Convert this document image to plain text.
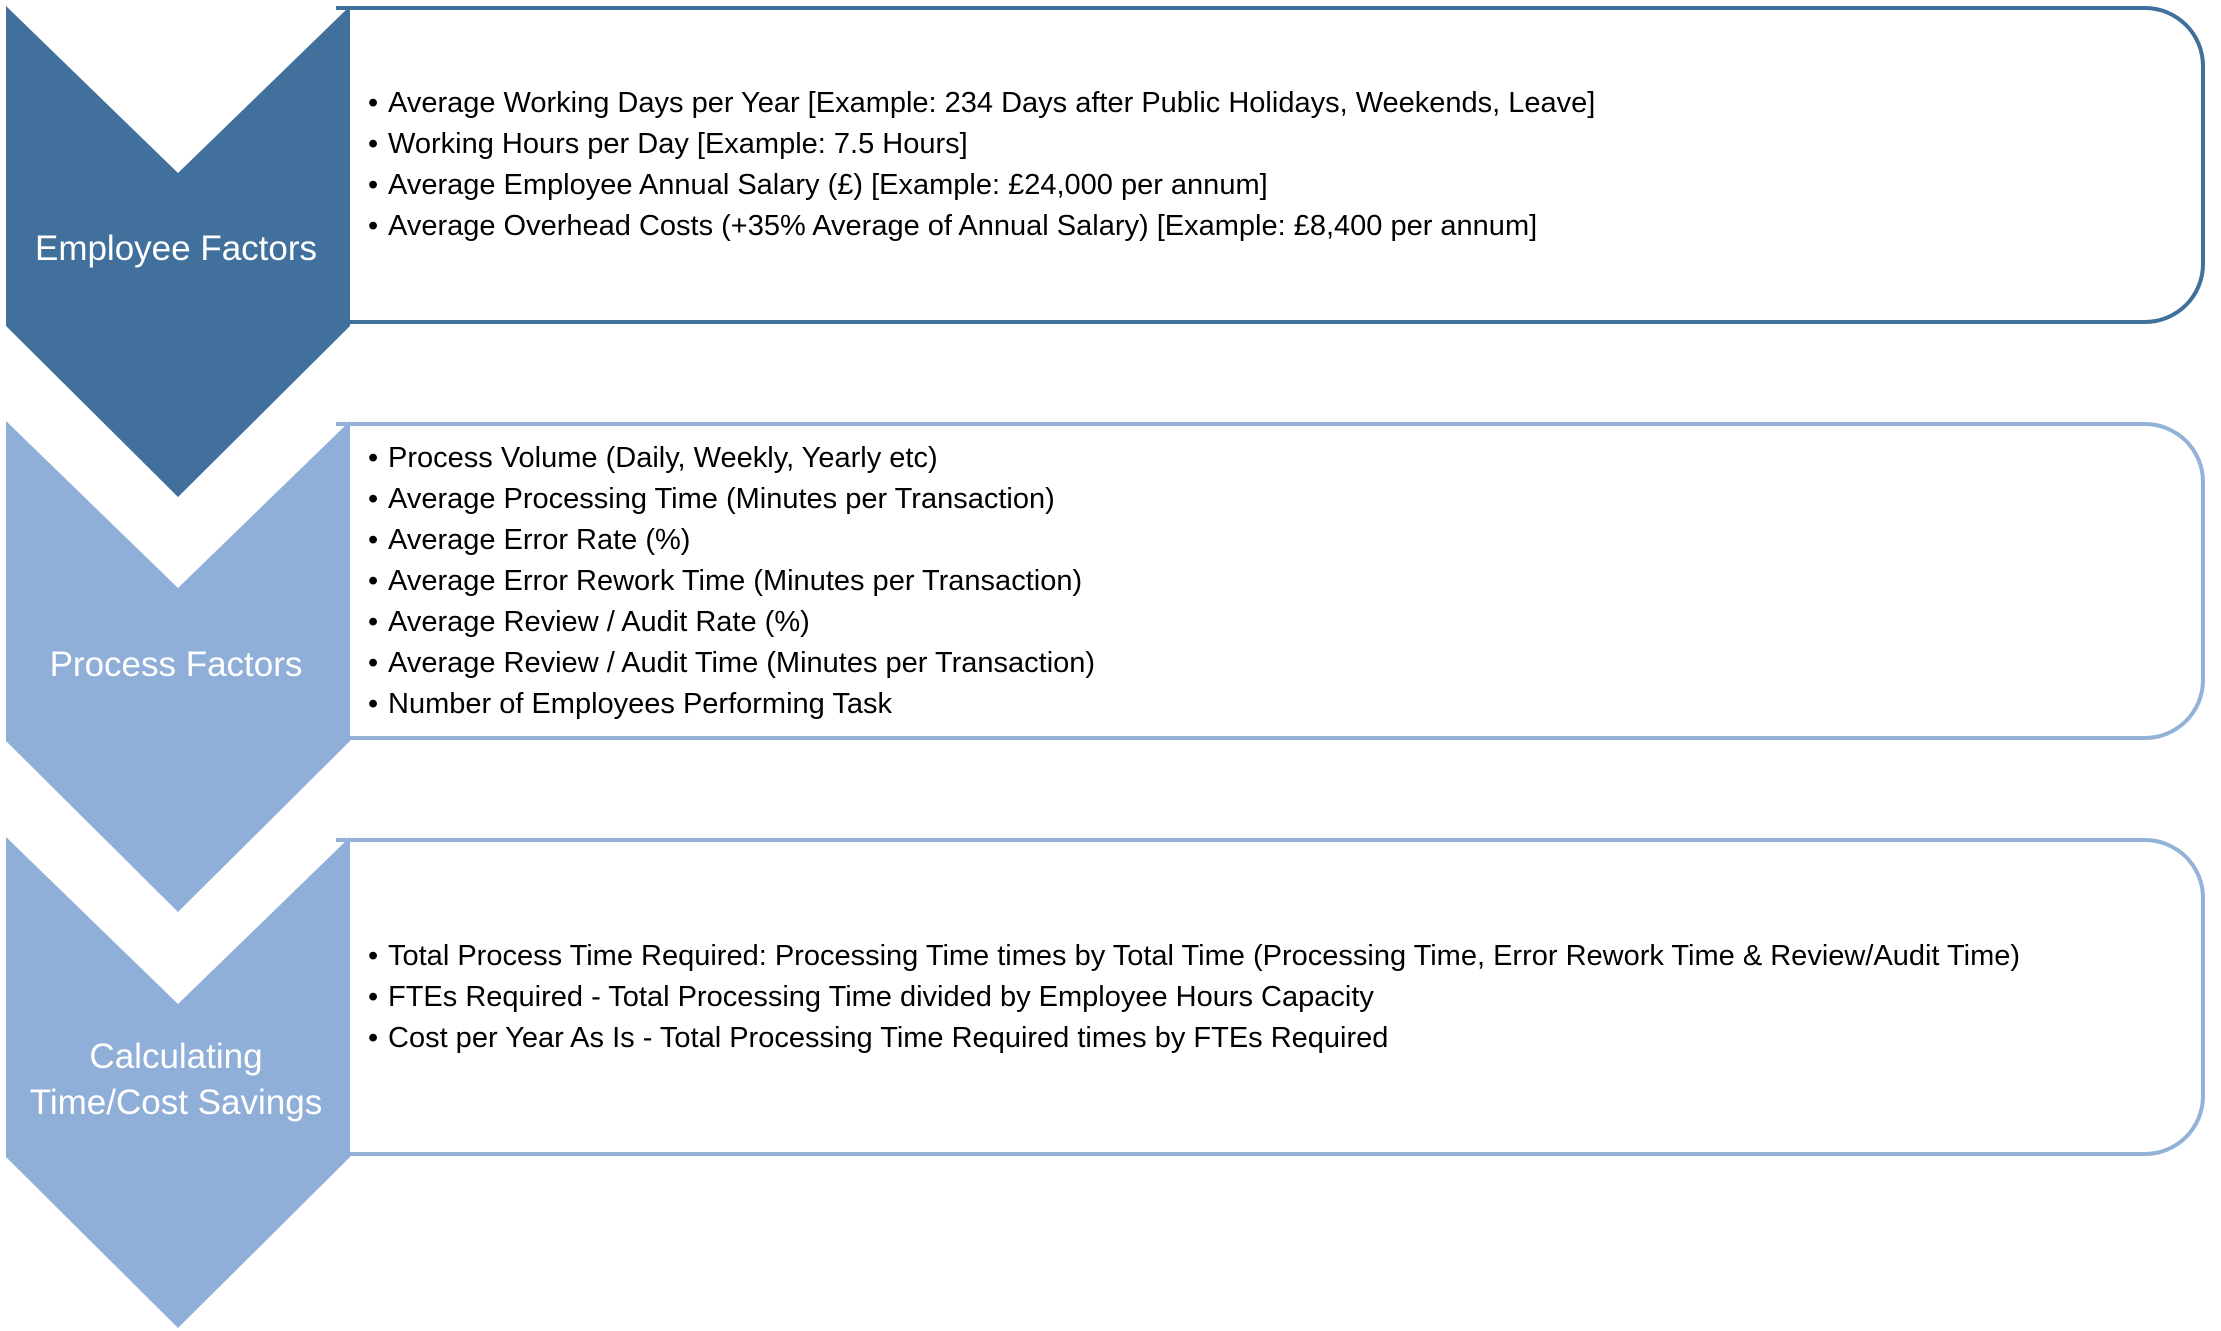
• Average Working Days per Year [Example: 234 Days after Public Holidays, Weekends, Leave]
• Working Hours per Day [Example: 7.5 Hours]
• Average Employee Annual Salary (£) [Example: £24,000 per annum]
• Average Overhead Costs (+35% Average of Annual Salary) [Example: £8,400 per annum]
Employee Factors
• Process Volume (Daily, Weekly, Yearly etc)
• Average Processing Time (Minutes per Transaction)
• Average Error Rate (%)
• Average Error Rework Time (Minutes per Transaction)
• Average Review / Audit Rate (%)
• Average Review / Audit Time (Minutes per Transaction)
• Number of Employees Performing Task
Process Factors
• Total Process Time Required: Processing Time times by Total Time (Processing Time, Error Rework Time & Review/Audit Time)
• FTEs Required - Total Processing Time divided by Employee Hours Capacity
• Cost per Year As Is - Total Processing Time Required times by FTEs Required
Calculating
Time/Cost Savings
